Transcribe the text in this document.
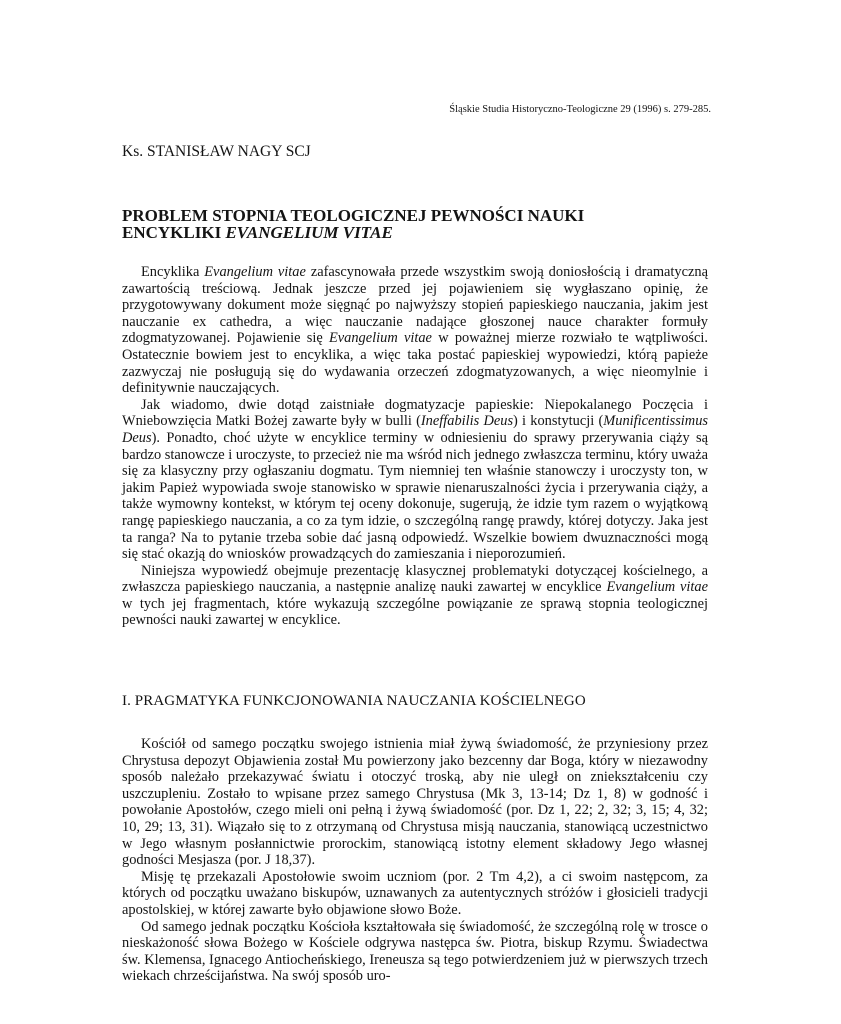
Śląskie Studia Historyczno-Teologiczne 29 (1996) s. 279-285.
Ks. STANISŁAW NAGY SCJ
PROBLEM STOPNIA TEOLOGICZNEJ PEWNOŚCI NAUKI
ENCYKLIKI EVANGELIUM VITAE

Encyklika Evangelium vitae zafascynowała przede wszystkim swoją doniosłością i dramatyczną zawartością treściową. Jednak jeszcze przed jej pojawieniem się wygłaszano opinię, że przygotowywany dokument może sięgnąć po najwyższy stopień papieskiego nauczania, jakim jest nauczanie ex cathedra, a więc nauczanie nadające głoszonej nauce charakter formuły zdogmatyzowanej. Pojawienie się Evangelium vitae w poważnej mierze rozwiało te wątpliwości. Ostatecznie bowiem jest to encyklika, a więc taka postać papieskiej wypowiedzi, którą papieże zazwyczaj nie posługują się do wydawania orzeczeń zdogmatyzowanych, a więc nieomylnie i definitywnie nauczających.

Jak wiadomo, dwie dotąd zaistniałe dogmatyzacje papieskie: Niepokalanego Poczęcia i Wniebowzięcia Matki Bożej zawarte były w bulli (Ineffabilis Deus) i konstytucji (Munificentissimus Deus). Ponadto, choć użyte w encyklice terminy w odniesieniu do sprawy przerywania ciąży są bardzo stanowcze i uroczyste, to przecież nie ma wśród nich jednego zwłaszcza terminu, który uważa się za klasyczny przy ogłaszaniu dogmatu. Tym niemniej ten właśnie stanowczy i uroczysty ton, w jakim Papież wypowiada swoje stanowisko w sprawie nienaruszalności życia i przerywania ciąży, a także wymowny kontekst, w którym tej oceny dokonuje, sugerują, że idzie tym razem o wyjątkową rangę papieskiego nauczania, a co za tym idzie, o szczególną rangę prawdy, której dotyczy. Jaka jest ta ranga? Na to pytanie trzeba sobie dać jasną odpowiedź. Wszelkie bowiem dwuznaczności mogą się stać okazją do wniosków prowadzących do zamieszania i nieporozumień.

Niniejsza wypowiedź obejmuje prezentację klasycznej problematyki dotyczącej kościelnego, a zwłaszcza papieskiego nauczania, a następnie analizę nauki zawartej w encyklice Evangelium vitae w tych jej fragmentach, które wykazują szczególne powiązanie ze sprawą stopnia teologicznej pewności nauki zawartej w encyklice.

I. PRAGMATYKA FUNKCJONOWANIA NAUCZANIA KOŚCIELNEGO

Kościół od samego początku swojego istnienia miał żywą świadomość, że przyniesiony przez Chrystusa depozyt Objawienia został Mu powierzony jako bezcenny dar Boga, który w niezawodny sposób należało przekazywać światu i otoczyć troską, aby nie uległ on zniekształceniu czy uszczupleniu. Zostało to wpisane przez samego Chrystusa (Mk 3, 13-14; Dz 1, 8) w godność i powołanie Apostołów, czego mieli oni pełną i żywą świadomość (por. Dz 1, 22; 2, 32; 3, 15; 4, 32; 10, 29; 13, 31). Wiązało się to z otrzymaną od Chrystusa misją nauczania, stanowiącą uczestnictwo w Jego własnym posłannictwie prorockim, stanowiącą istotny element składowy Jego własnej godności Mesjasza (por. J 18,37).

Misję tę przekazali Apostołowie swoim uczniom (por. 2 Tm 4,2), a ci swoim następcom, za których od początku uważano biskupów, uznawanych za autentycznych stróżów i głosicieli tradycji apostolskiej, w której zawarte było objawione słowo Boże.

Od samego jednak początku Kościoła kształtowała się świadomość, że szczególną rolę w trosce o nieskażoność słowa Bożego w Kościele odgrywa następca św. Piotra, biskup Rzymu. Świadectwa św. Klemensa, Ignacego Antiocheńskiego, Ireneusza są tego potwierdzeniem już w pierwszych trzech wiekach chrześcijaństwa. Na swój sposób uro-
